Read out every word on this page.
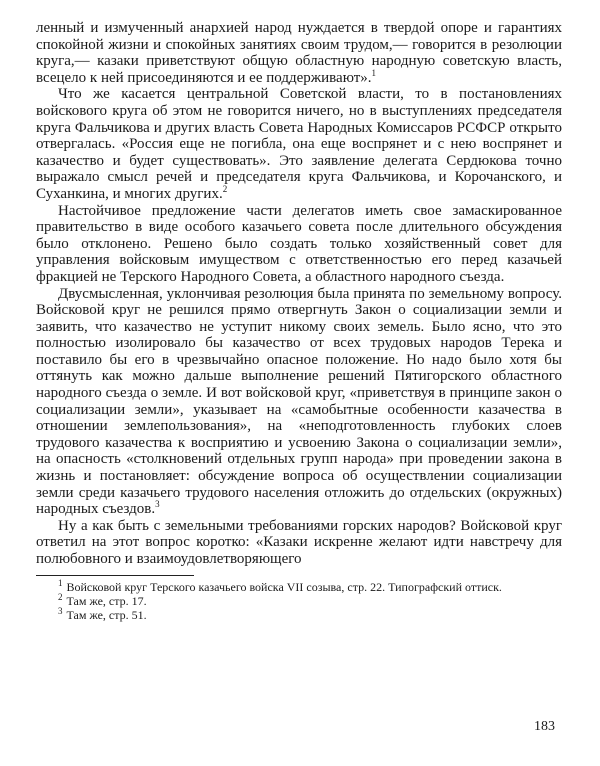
ленный и измученный анархией народ нуждается в твердой опоре и гарантиях спокойной жизни и спокойных занятиях своим трудом,— говорится в резолюции круга,— казаки приветствуют общую областную народную советскую власть, всецело к ней присоединяются и ее поддерживают».$^1$

Что же касается центральной Советской власти, то в постановлениях войскового круга об этом не говорится ничего, но в выступлениях председателя круга Фальчикова и других власть Совета Народных Комиссаров РСФСР открыто отвергалась. «Россия еще не погибла, она еще воспрянет и с нею воспрянет и казачество и будет существовать». Это заявление делегата Сердюкова точно выражало смысл речей и председателя круга Фальчикова, и Корочанского, и Суханкина, и многих других.$^2$

Настойчивое предложение части делегатов иметь свое замаскированное правительство в виде особого казачьего совета после длительного обсуждения было отклонено. Решено было создать только хозяйственный совет для управления войсковым имуществом с ответственностью его перед казачьей фракцией не Терского Народного Совета, а областного народного съезда.

Двусмысленная, уклончивая резолюция была принята по земельному вопросу. Войсковой круг не решился прямо отвергнуть Закон о социализации земли и заявить, что казачество не уступит никому своих земель. Было ясно, что это полностью изолировало бы казачество от всех трудовых народов Терека и поставило бы его в чрезвычайно опасное положение. Но надо было хотя бы оттянуть как можно дальше выполнение решений Пятигорского областного народного съезда о земле. И вот войсковой круг, «приветствуя в принципе закон о социализации земли», указывает на «самобытные особенности казачества в отношении землепользования», на «неподготовленность глубоких слоев трудового казачества к восприятию и усвоению Закона о социализации земли», на опасность «столкновений отдельных групп народа» при проведении закона в жизнь и постановляет: обсуждение вопроса об осуществлении социализации земли среди казачьего трудового населения отложить до отдельских (окружных) народных съездов.$^3$

Ну а как быть с земельными требованиями горских народов? Войсковой круг ответил на этот вопрос коротко: «Казаки искренне желают идти навстречу для полюбовного и взаимоудовлетворяющего

$^1$ Войсковой круг Терского казачьего войска VII созыва, стр. 22. Типографский оттиск.

$^2$ Там же, стр. 17.

$^3$ Там же, стр. 51.

183
